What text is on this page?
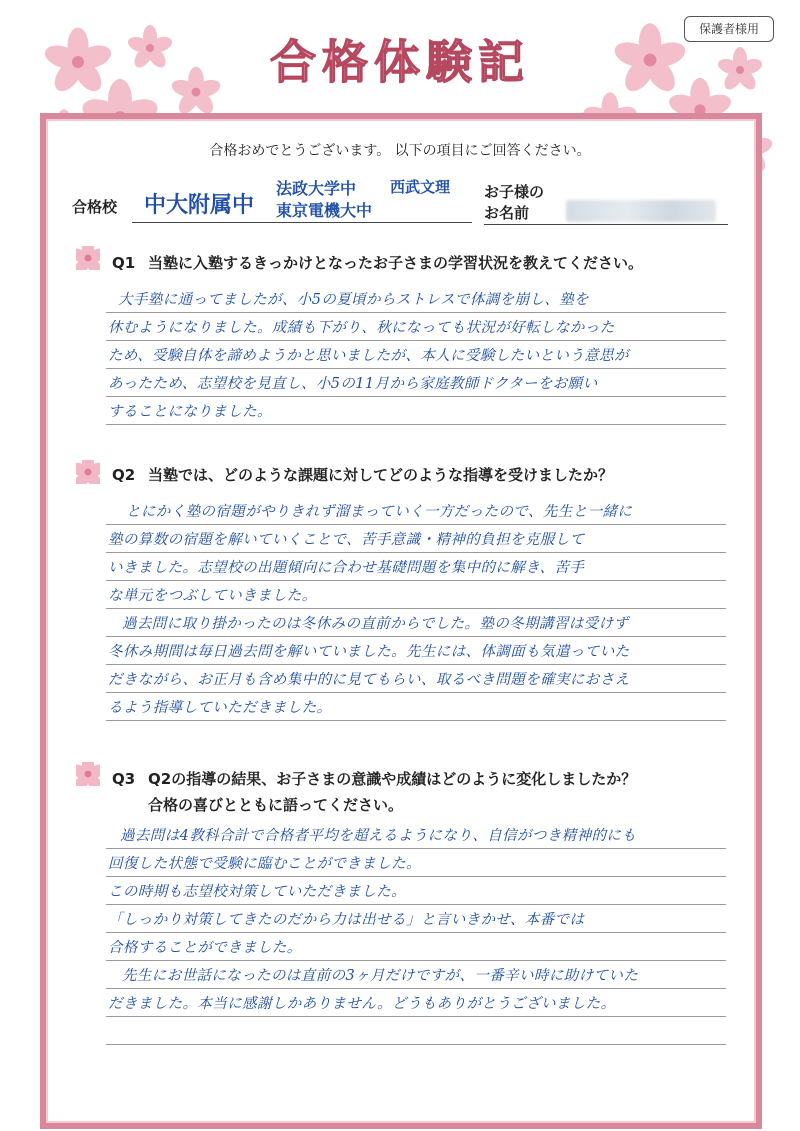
保護者様用
合格体験記
合格おめでとうございます。 以下の項目にご回答ください。
合格校 中大附属中
法政大学中 西武文理
東京電機大中
お子様の
お名前
Q1 当塾に入塾するきっかけとなったお子さまの学習状況を教えてください。
大手塾に通ってましたが、小5の夏頃からストレスで体調を崩し、塾を
休むようになりました。成績も下がり、秋になっても状況が好転しなかった
ため、受験自体を諦めようかと思いましたが、本人に受験したいという意思が
あったため、志望校を見直し、小5の11月から家庭教師ドクターをお願い
することになりました。
Q2 当塾では、どのような課題に対してどのような指導を受けましたか？
とにかく塾の宿題がやりきれず溜まっていく一方だったので、先生と一緒に
塾の算数の宿題を解いていくことで、苦手意識・精神的負担を克服して
いきました。志望校の出題傾向に合わせ基礎問題を集中的に解き、苦手
な単元をつぶしていきました。
過去問に取り掛かったのは冬休みの直前からでした。塾の冬期講習は受けず
冬休み期間は毎日過去問を解いていました。先生には、体調面も気遣っていた
だきながら、お正月も含め集中的に見てもらい、取るべき問題を確実におさえ
るよう指導していただきました。
Q3 Q2の指導の結果、お子さまの意識や成績はどのように変化しましたか？
合格の喜びとともに語ってください。
過去問は4教科合計で合格者平均を超えるようになり、自信がつき精神的にも
回復した状態で受験に臨むことができました。
この時期も志望校対策していただきました。
「しっかり対策してきたのだから力は出せる」と言いきかせ、本番では
合格することができました。
先生にお世話になったのは直前の3ヶ月だけですが、一番辛い時に助けていた
だきました。本当に感謝しかありません。どうもありがとうございました。
